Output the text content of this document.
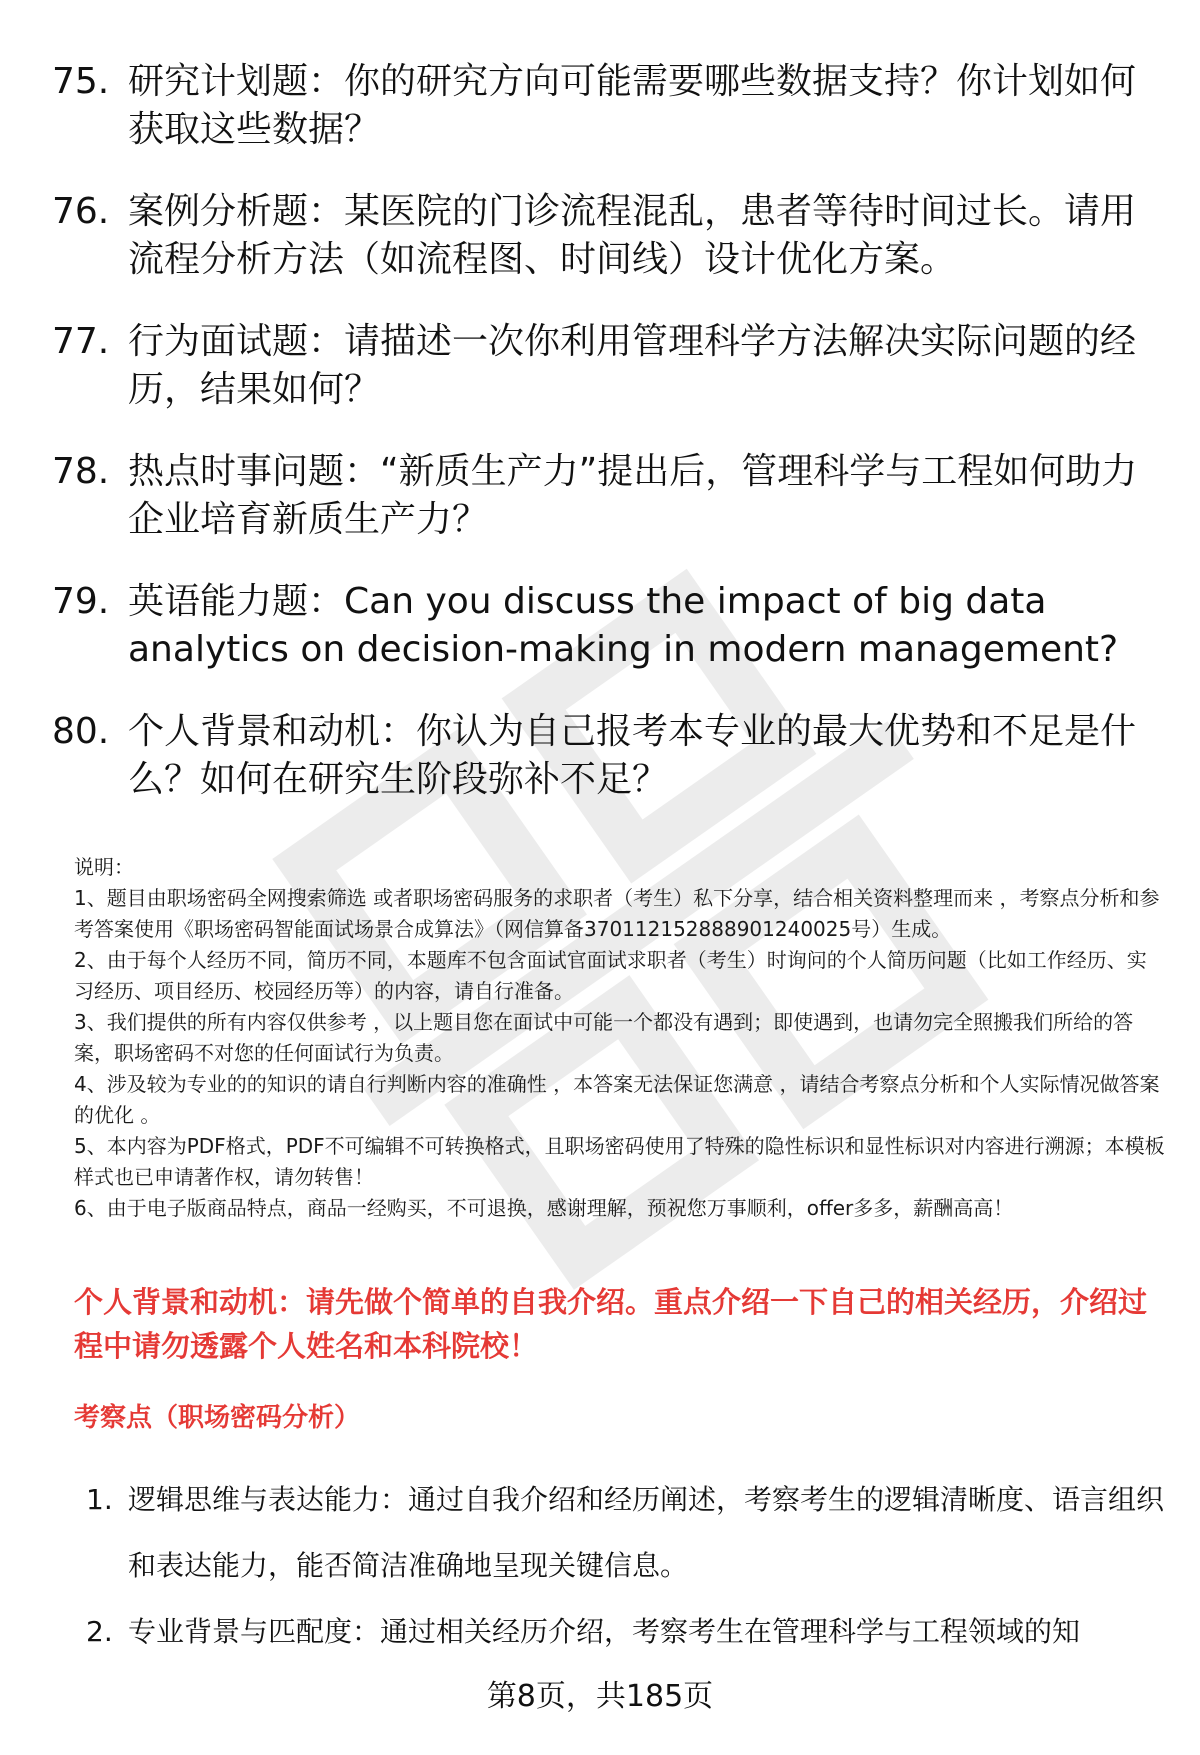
75. 研究计划题：你的研究方向可能需要哪些数据支持？你计划如何获取这些数据？
76. 案例分析题：某医院的门诊流程混乱，患者等待时间过长。请用流程分析方法（如流程图、时间线）设计优化方案。
77. 行为面试题：请描述一次你利用管理科学方法解决实际问题的经历，结果如何？
78. 热点时事问题：“新质生产力”提出后，管理科学与工程如何助力企业培育新质生产力？
79. 英语能力题：Can you discuss the impact of big data analytics on decision-making in modern management?
80. 个人背景和动机：你认为自己报考本专业的最大优势和不足是什么？如何在研究生阶段弥补不足？

说明：

1、题目由职场密码全网搜索筛选 或者职场密码服务的求职者（考生）私下分享，结合相关资料整理而来 ，考察点分析和参考答案使用《职场密码智能面试场景合成算法》（网信算备370112152888901240025号）生成。

2、由于每个人经历不同，简历不同，本题库不包含面试官面试求职者（考生）时询问的个人简历问题（比如工作经历、实习经历、项目经历、校园经历等）的内容，请自行准备。

3、我们提供的所有内容仅供参考 ，以上题目您在面试中可能一个都没有遇到；即使遇到，也请勿完全照搬我们所给的答案，职场密码不对您的任何面试行为负责。

4、涉及较为专业的的知识的请自行判断内容的准确性 ，本答案无法保证您满意 ，请结合考察点分析和个人实际情况做答案的优化 。

5、本内容为PDF格式，PDF不可编辑不可转换格式，且职场密码使用了特殊的隐性标识和显性标识对内容进行溯源；本模板样式也已申请著作权，请勿转售！

6、由于电子版商品特点，商品一经购买，不可退换，感谢理解，预祝您万事顺利，offer多多，薪酬高高！

个人背景和动机：请先做个简单的自我介绍。重点介绍一下自己的相关经历，介绍过程中请勿透露个人姓名和本科院校！
考察点（职场密码分析）
1. 逻辑思维与表达能力：通过自我介绍和经历阐述，考察考生的逻辑清晰度、语言组织和表达能力，能否简洁准确地呈现关键信息。
2. 专业背景与匹配度：通过相关经历介绍，考察考生在管理科学与工程领域的知
第8页，共185页
